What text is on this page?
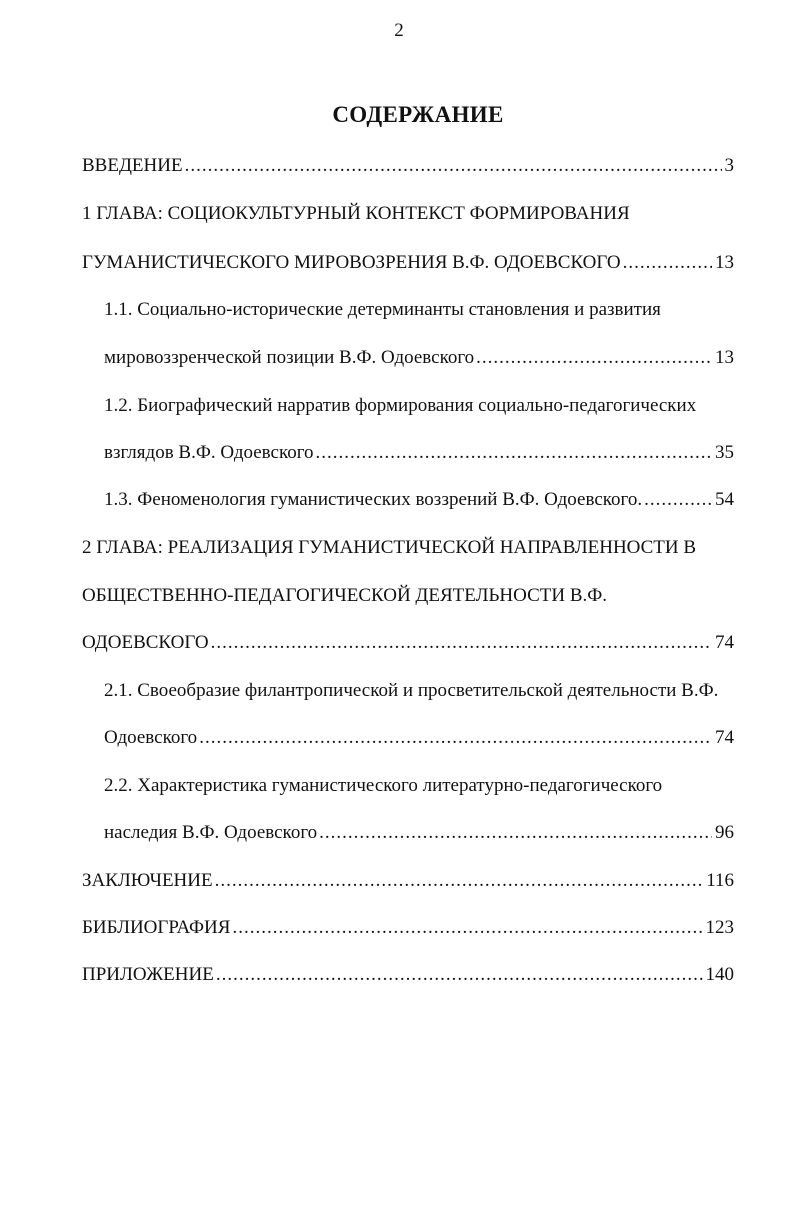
2
СОДЕРЖАНИЕ
ВВЕДЕНИЕ .....	3
1 ГЛАВА: СОЦИОКУЛЬТУРНЫЙ КОНТЕКСТ ФОРМИРОВАНИЯ
ГУМАНИСТИЧЕСКОГО МИРОВОЗРЕНИЯ В.Ф. ОДОЕВСКОГО .....	13
1.1. Социально-исторические детерминанты становления и развития
мировоззренческой позиции В.Ф. Одоевского .....	13
1.2. Биографический нарратив формирования социально-педагогических
взглядов В.Ф. Одоевского .....	35
1.3. Феноменология гуманистических воззрений В.Ф. Одоевского. .....	54
2 ГЛАВА: РЕАЛИЗАЦИЯ ГУМАНИСТИЧЕСКОЙ НАПРАВЛЕННОСТИ В
ОБЩЕСТВЕННО-ПЕДАГОГИЧЕСКОЙ ДЕЯТЕЛЬНОСТИ В.Ф.
ОДОЕВСКОГО .....	74
2.1. Своеобразие филантропической и просветительской деятельности В.Ф.
Одоевского .....	74
2.2. Характеристика гуманистического литературно-педагогического
наследия В.Ф. Одоевского .....	96
ЗАКЛЮЧЕНИЕ .....	116
БИБЛИОГРАФИЯ .....	123
ПРИЛОЖЕНИЕ .....	140
